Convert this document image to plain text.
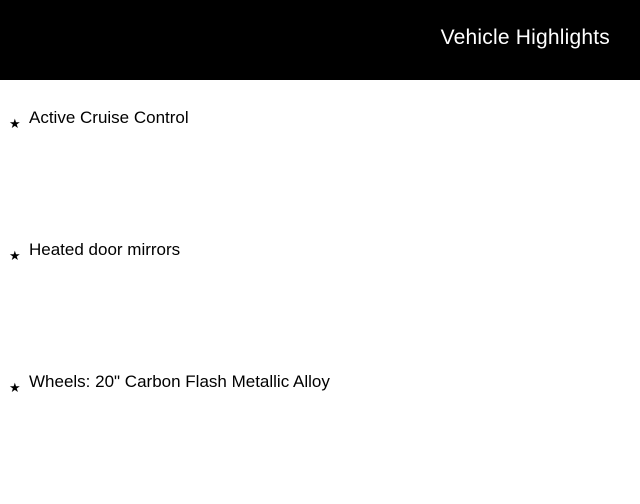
Vehicle Highlights
★ Active Cruise Control
★ Heated door mirrors
★ Wheels: 20" Carbon Flash Metallic Alloy
